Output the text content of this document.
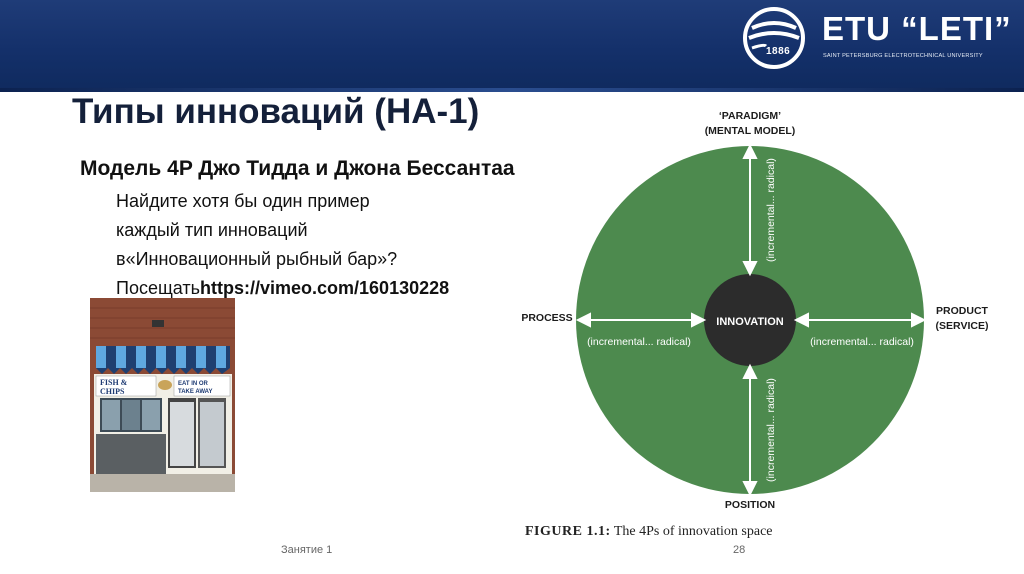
1886
ETU “LETI”
SAINT PETERSBURG ELECTROTECHNICAL UNIVERSITY
Типы инноваций (НА-1)
Модель 4P Джо Тидда и Джона Бессантаа
Найдите хотя бы один пример
каждый тип инноваций
в«Инновационный рыбный бар»?
Посещатьhttps://vimeo.com/160130228
FISH &
CHIPS
EAT IN OR
TAKE AWAY
INNOVATION
(incremental... radical)
(incremental... radical)
(incremental... radical)	(incremental... radical)
‘PARADIGM’
(MENTAL MODEL)
PROCESS
PRODUCT
(SERVICE)
POSITION
FIGURE 1.1: The 4Ps of innovation space
Занятие 1	28
